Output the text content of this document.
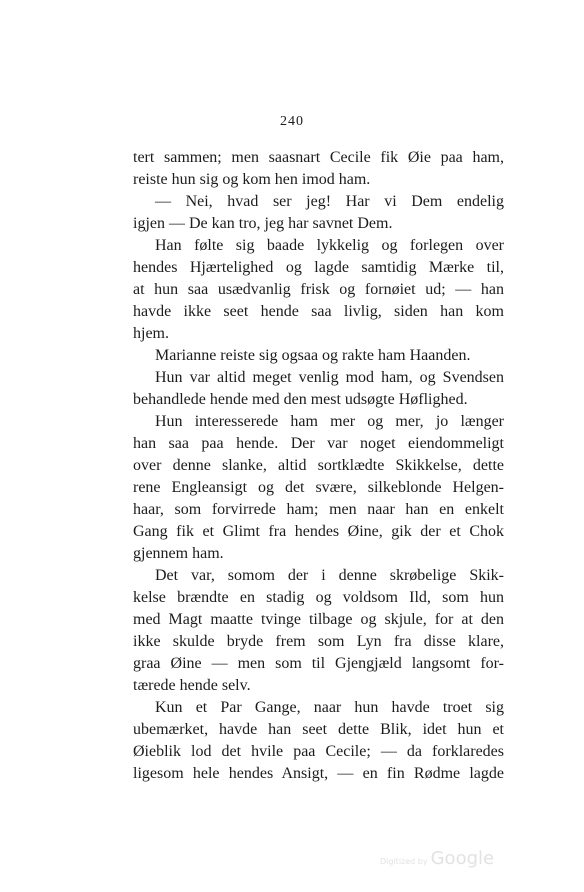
240
tert sammen; men saasnart Cecile fik Øie paa ham,
reiste hun sig og kom hen imod ham.
— Nei, hvad ser jeg! Har vi Dem endelig
igjen — De kan tro, jeg har savnet Dem.
Han følte sig baade lykkelig og forlegen over
hendes Hjærtelighed og lagde samtidig Mærke til,
at hun saa usædvanlig frisk og fornøiet ud; — han
havde ikke seet hende saa livlig, siden han kom
hjem.
Marianne reiste sig ogsaa og rakte ham Haanden.
Hun var altid meget venlig mod ham, og Svendsen
behandlede hende med den mest udsøgte Høflighed.
Hun interesserede ham mer og mer, jo længer
han saa paa hende. Der var noget eiendommeligt
over denne slanke, altid sortklædte Skikkelse, dette
rene Engleansigt og det svære, silkeblonde Helgen-
haar, som forvirrede ham; men naar han en enkelt
Gang fik et Glimt fra hendes Øine, gik der et Chok
gjennem ham.
Det var, somom der i denne skrøbelige Skik-
kelse brændte en stadig og voldsom Ild, som hun
med Magt maatte tvinge tilbage og skjule, for at den
ikke skulde bryde frem som Lyn fra disse klare,
graa Øine — men som til Gjengjæld langsomt for-
tærede hende selv.
Kun et Par Gange, naar hun havde troet sig
ubemærket, havde han seet dette Blik, idet hun et
Øieblik lod det hvile paa Cecile; — da forklaredes
ligesom hele hendes Ansigt, — en fin Rødme lagde
Digitized by Google
